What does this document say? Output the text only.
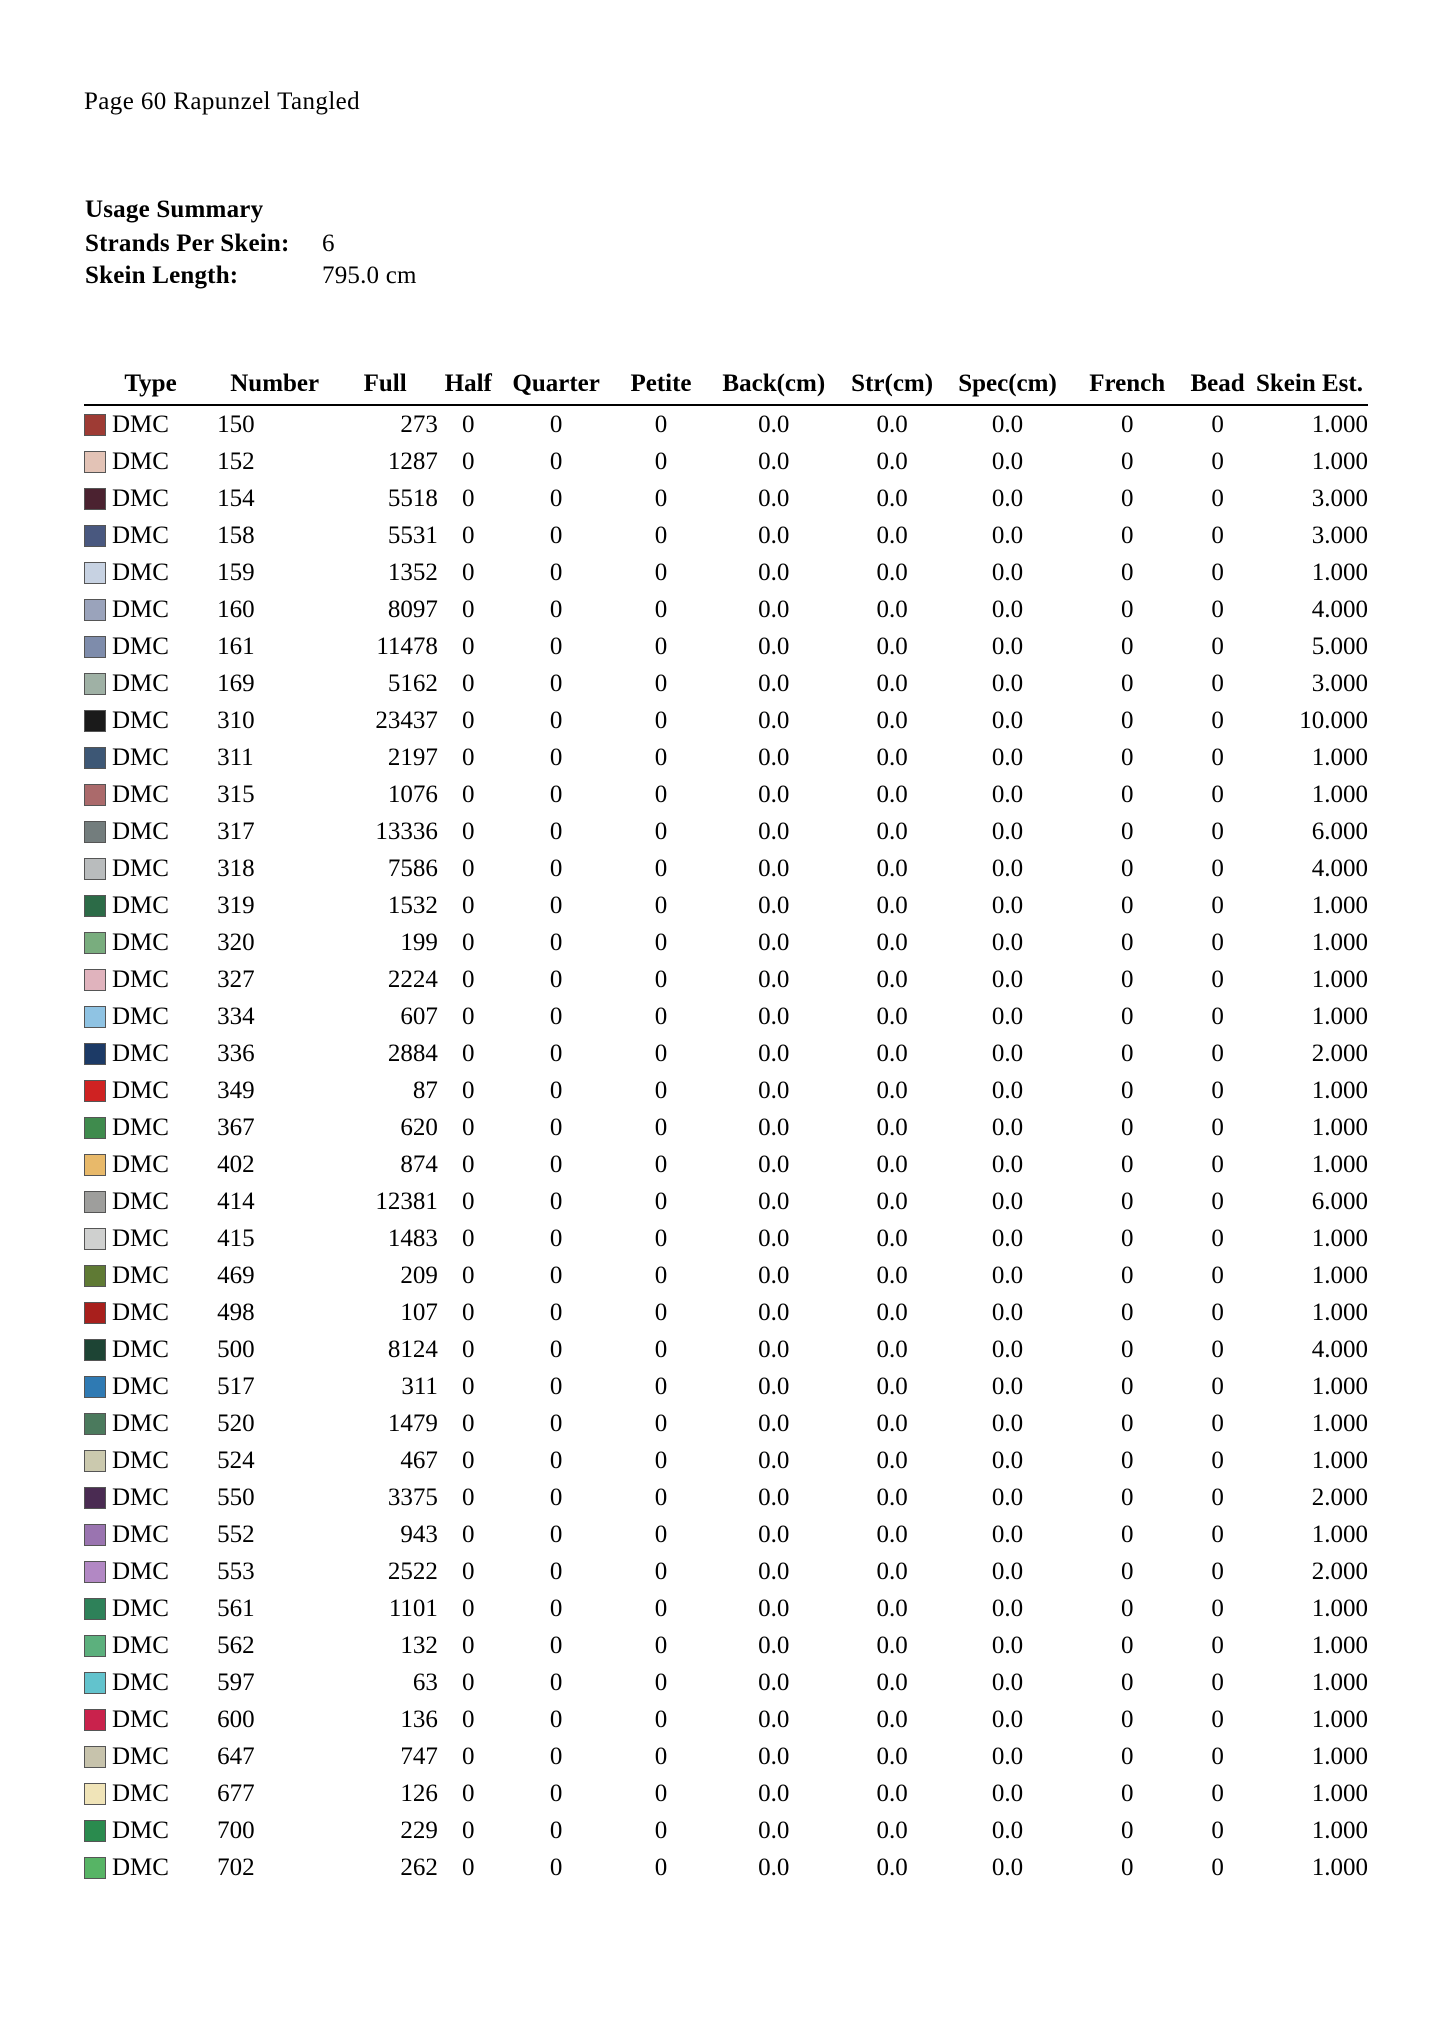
Page 60 Rapunzel Tangled
Usage Summary
Strands Per Skein:	6
Skein Length:	795.0 cm
Type	Number	Full	Half	Quarter	Petite	Back(cm)	Str(cm)	Spec(cm)	French	Bead	Skein Est.

DMC	150	273	0	0	0	0.0	0.0	0.0	0	0	1.000

DMC	152	1287	0	0	0	0.0	0.0	0.0	0	0	1.000

DMC	154	5518	0	0	0	0.0	0.0	0.0	0	0	3.000

DMC	158	5531	0	0	0	0.0	0.0	0.0	0	0	3.000

DMC	159	1352	0	0	0	0.0	0.0	0.0	0	0	1.000

DMC	160	8097	0	0	0	0.0	0.0	0.0	0	0	4.000

DMC	161	11478	0	0	0	0.0	0.0	0.0	0	0	5.000

DMC	169	5162	0	0	0	0.0	0.0	0.0	0	0	3.000

DMC	310	23437	0	0	0	0.0	0.0	0.0	0	0	10.000

DMC	311	2197	0	0	0	0.0	0.0	0.0	0	0	1.000

DMC	315	1076	0	0	0	0.0	0.0	0.0	0	0	1.000

DMC	317	13336	0	0	0	0.0	0.0	0.0	0	0	6.000

DMC	318	7586	0	0	0	0.0	0.0	0.0	0	0	4.000

DMC	319	1532	0	0	0	0.0	0.0	0.0	0	0	1.000

DMC	320	199	0	0	0	0.0	0.0	0.0	0	0	1.000

DMC	327	2224	0	0	0	0.0	0.0	0.0	0	0	1.000

DMC	334	607	0	0	0	0.0	0.0	0.0	0	0	1.000

DMC	336	2884	0	0	0	0.0	0.0	0.0	0	0	2.000

DMC	349	87	0	0	0	0.0	0.0	0.0	0	0	1.000

DMC	367	620	0	0	0	0.0	0.0	0.0	0	0	1.000

DMC	402	874	0	0	0	0.0	0.0	0.0	0	0	1.000

DMC	414	12381	0	0	0	0.0	0.0	0.0	0	0	6.000

DMC	415	1483	0	0	0	0.0	0.0	0.0	0	0	1.000

DMC	469	209	0	0	0	0.0	0.0	0.0	0	0	1.000

DMC	498	107	0	0	0	0.0	0.0	0.0	0	0	1.000

DMC	500	8124	0	0	0	0.0	0.0	0.0	0	0	4.000

DMC	517	311	0	0	0	0.0	0.0	0.0	0	0	1.000

DMC	520	1479	0	0	0	0.0	0.0	0.0	0	0	1.000

DMC	524	467	0	0	0	0.0	0.0	0.0	0	0	1.000

DMC	550	3375	0	0	0	0.0	0.0	0.0	0	0	2.000

DMC	552	943	0	0	0	0.0	0.0	0.0	0	0	1.000

DMC	553	2522	0	0	0	0.0	0.0	0.0	0	0	2.000

DMC	561	1101	0	0	0	0.0	0.0	0.0	0	0	1.000

DMC	562	132	0	0	0	0.0	0.0	0.0	0	0	1.000

DMC	597	63	0	0	0	0.0	0.0	0.0	0	0	1.000

DMC	600	136	0	0	0	0.0	0.0	0.0	0	0	1.000

DMC	647	747	0	0	0	0.0	0.0	0.0	0	0	1.000

DMC	677	126	0	0	0	0.0	0.0	0.0	0	0	1.000

DMC	700	229	0	0	0	0.0	0.0	0.0	0	0	1.000

DMC	702	262	0	0	0	0.0	0.0	0.0	0	0	1.000
